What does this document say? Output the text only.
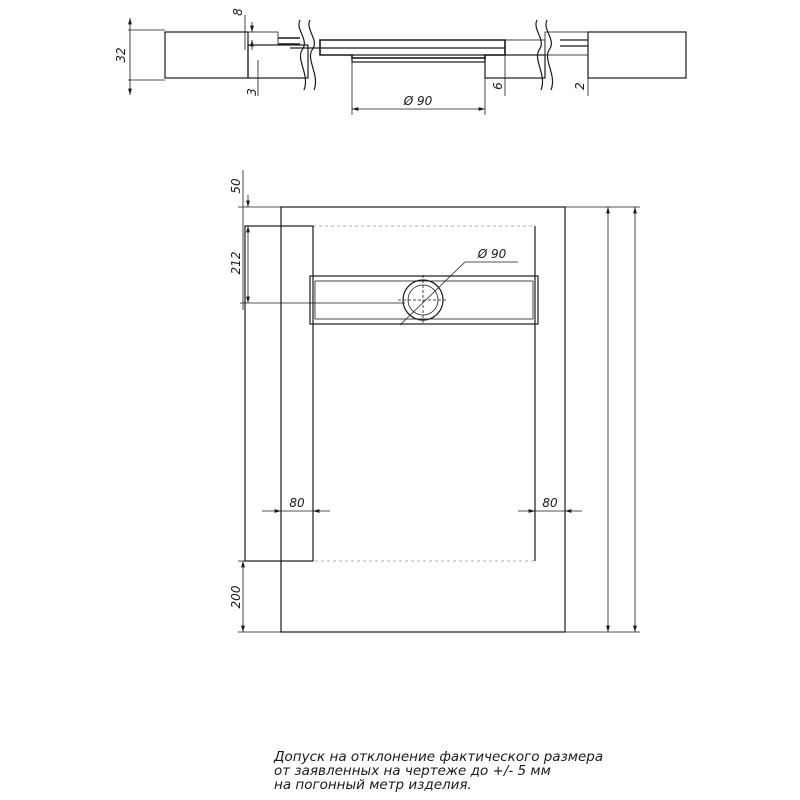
32
8
3
Ø 90
6	2
Ø 90
50
212
80	80
200
Допуск на отклонение фактического размера
от заявленных на чертеже до +/- 5 мм
на погонный метр изделия.
